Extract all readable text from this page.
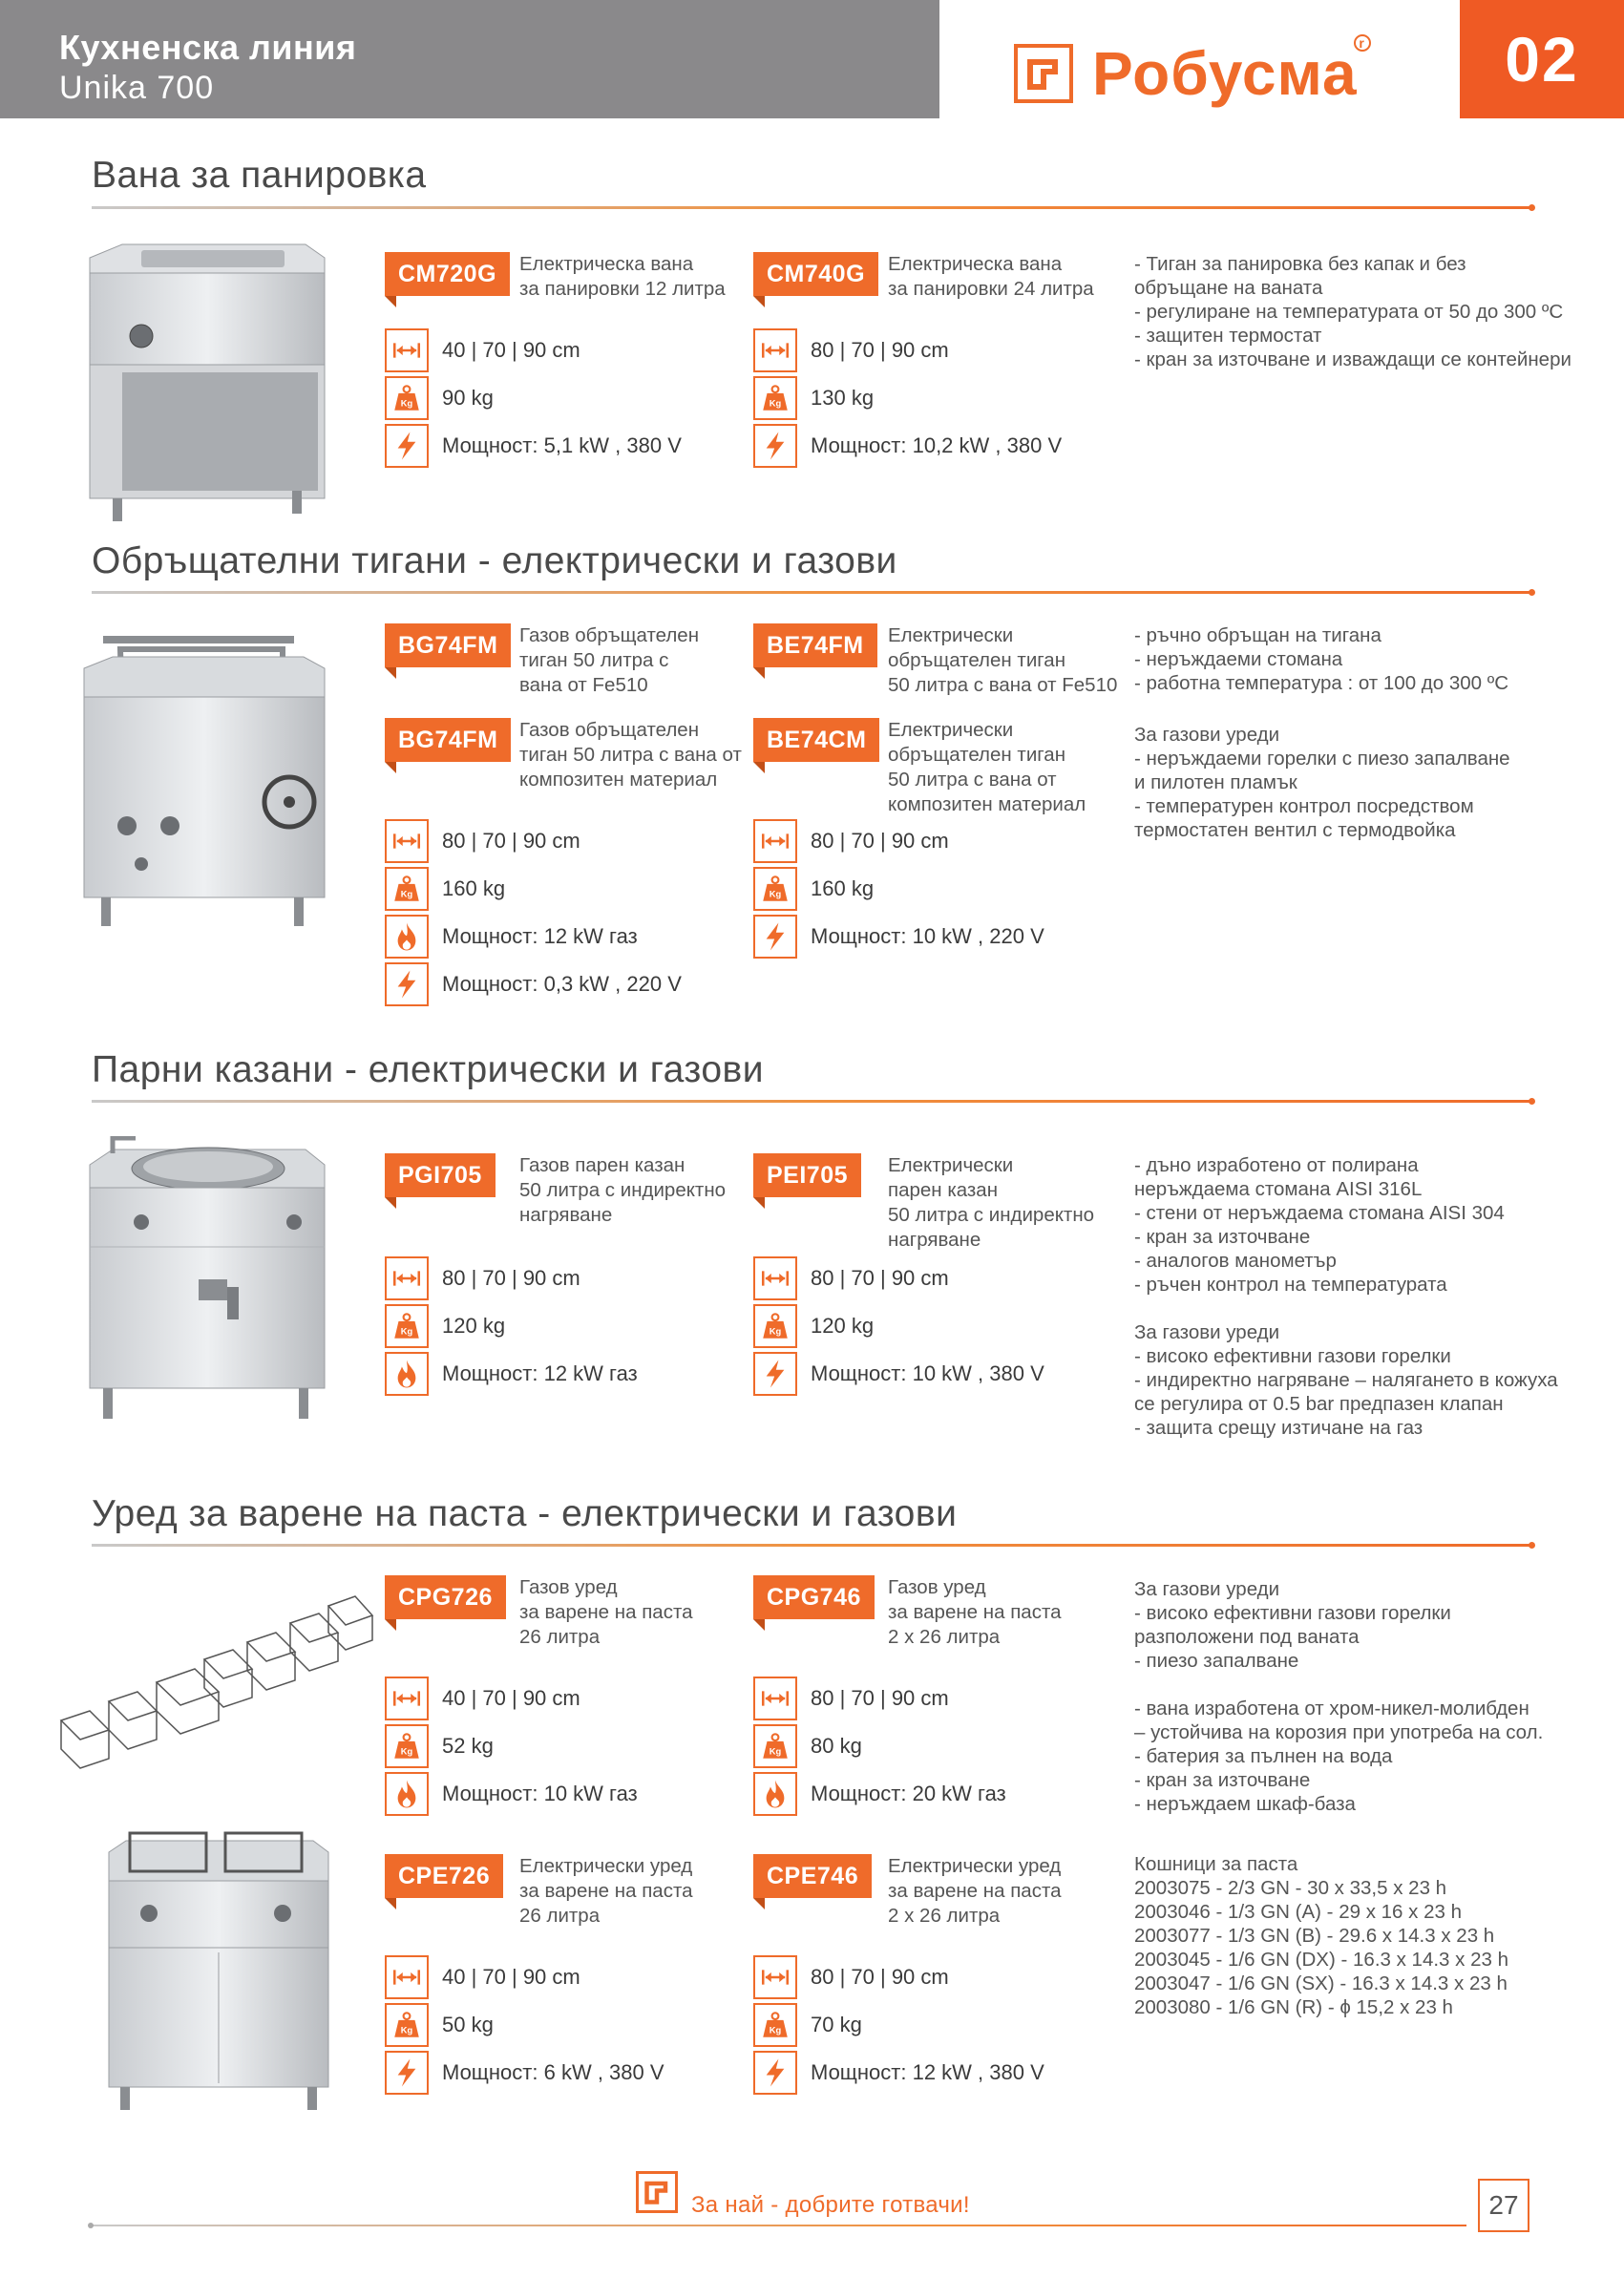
Кухненска линия
Unika 700	Робусма r	02
Вана за панировка
CM720G	Електрическа вана
за панировки 12 литра
40 | 70 | 90 cm
90 kg
Мощност: 5,1 kW , 380 V
CM740G	Електрическа вана
за панировки 24 литра
80 | 70 | 90 cm
130 kg
Мощност: 10,2 kW , 380 V
- Тиган за панировка без капак и без
обръщане на ваната
- регулиране на температурата от 50 до 300 ºC
- защитен термостат
- кран за източване и изваждащи се контейнери
Обръщателни тигани - електрически и газови
BG74FM	Газов обръщателен
тиган 50 литра с
вана от Fe510
BE74FM	Електрически
обръщателен тиган
50 литра с вана от Fe510
BG74FM	Газов обръщателен
тиган 50 литра с вана от
композитен материал
BE74CM	Електрически
обръщателен тиган
50 литра с вана от
композитен материал
80 | 70 | 90 cm
160 kg
Мощност: 12 kW газ
Мощност: 0,3 kW , 220 V
80 | 70 | 90 cm
160 kg
Мощност: 10 kW , 220 V
- ръчно обръщан на тигана
- неръждаеми стомана
- работна температура : от 100 до 300 ºC
За газови уреди
- неръждаеми горелки с пиезо запалване
и пилотен пламък
- температурен контрол посредством
термостатен вентил с термодвойка
Парни казани - електрически и газови
PGI705	Газов парен казан
50 литра с индиректно
нагряване
80 | 70 | 90 cm
120 kg
Мощност: 12 kW газ
PEI705	Електрически
парен казан
50 литра с индиректно
нагряване
80 | 70 | 90 cm
120 kg
Мощност: 10 kW , 380 V
- дъно изработено от полирана
неръждаема стомана AISI 316L
- стени от неръждаема стомана AISI 304
- кран за източване
- аналогов манометър
- ръчен контрол на температурата
За газови уреди
- високо ефективни газови горелки
- индиректно нагряване – налягането в кожуха
се регулира от 0.5 bar предпазен клапан
- защита срещу изтичане на газ
Уред за варене на паста - електрически и газови
CPG726	Газов уред
за варене на паста
26 литра
40 | 70 | 90 cm
52 kg
Мощност: 10 kW газ
CPG746	Газов уред
за варене на паста
2 x 26 литра
80 | 70 | 90 cm
80 kg
Мощност: 20 kW газ
CPE726	Електрически уред
за варене на паста
26 литра
40 | 70 | 90 cm
50 kg
Мощност: 6 kW , 380 V
CPE746	Електрически уред
за варене на паста
2 x 26 литра
80 | 70 | 90 cm
70 kg
Мощност: 12 kW , 380 V
За газови уреди
- високо ефективни газови горелки
разположени под ваната
- пиезо запалване
- вана изработена от хром-никел-молибден
– устойчива на корозия при употреба на сол.
- батерия за пълнен на вода
- кран за източване
- неръждаем шкаф-база
Кошници за паста
2003075 - 2/3 GN - 30 x 33,5 x 23 h
2003046 - 1/3 GN (A) - 29 x 16 x 23 h
2003077 - 1/3 GN (B) - 29.6 x 14.3 x 23 h
2003045 - 1/6 GN (DX) - 16.3 x 14.3 x 23 h
2003047 - 1/6 GN (SX) - 16.3 x 14.3 x 23 h
2003080 - 1/6 GN (R) - ϕ 15,2 x 23 h
За най - добрите готвачи!	27
